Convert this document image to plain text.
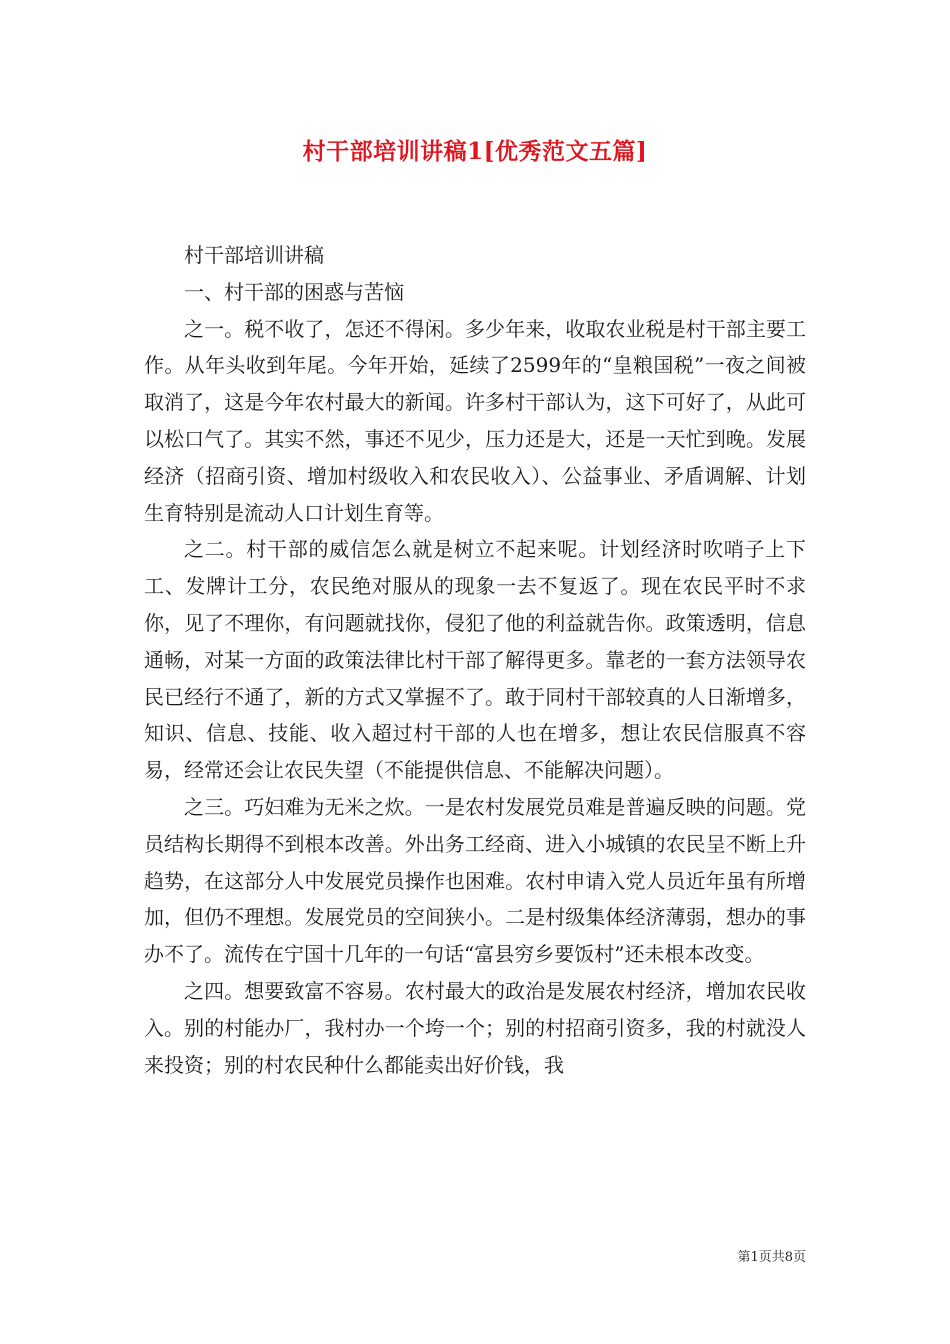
村干部培训讲稿1[优秀范文五篇]

村干部培训讲稿

一、村干部的困惑与苦恼

之一。税不收了，怎还不得闲。多少年来，收取农业税是村干部主要工作。从年头收到年尾。今年开始，延续了2599年的“皇粮国税”一夜之间被取消了，这是今年农村最大的新闻。许多村干部认为，这下可好了，从此可以松口气了。其实不然，事还不见少，压力还是大，还是一天忙到晚。发展经济（招商引资、增加村级收入和农民收入）、公益事业、矛盾调解、计划生育特别是流动人口计划生育等。

之二。村干部的威信怎么就是树立不起来呢。计划经济时吹哨子上下工、发牌计工分，农民绝对服从的现象一去不复返了。现在农民平时不求你，见了不理你，有问题就找你，侵犯了他的利益就告你。政策透明，信息通畅，对某一方面的政策法律比村干部了解得更多。靠老的一套方法领导农民已经行不通了，新的方式又掌握不了。敢于同村干部较真的人日渐增多，知识、信息、技能、收入超过村干部的人也在增多，想让农民信服真不容易，经常还会让农民失望（不能提供信息、不能解决问题）。

之三。巧妇难为无米之炊。一是农村发展党员难是普遍反映的问题。党员结构长期得不到根本改善。外出务工经商、进入小城镇的农民呈不断上升趋势，在这部分人中发展党员操作也困难。农村申请入党人员近年虽有所增加，但仍不理想。发展党员的空间狭小。二是村级集体经济薄弱，想办的事办不了。流传在宁国十几年的一句话“富县穷乡要饭村”还未根本改变。

之四。想要致富不容易。农村最大的政治是发展农村经济，增加农民收入。别的村能办厂，我村办一个垮一个；别的村招商引资多，我的村就没人来投资；别的村农民种什么都能卖出好价钱，我

第1页共8页
